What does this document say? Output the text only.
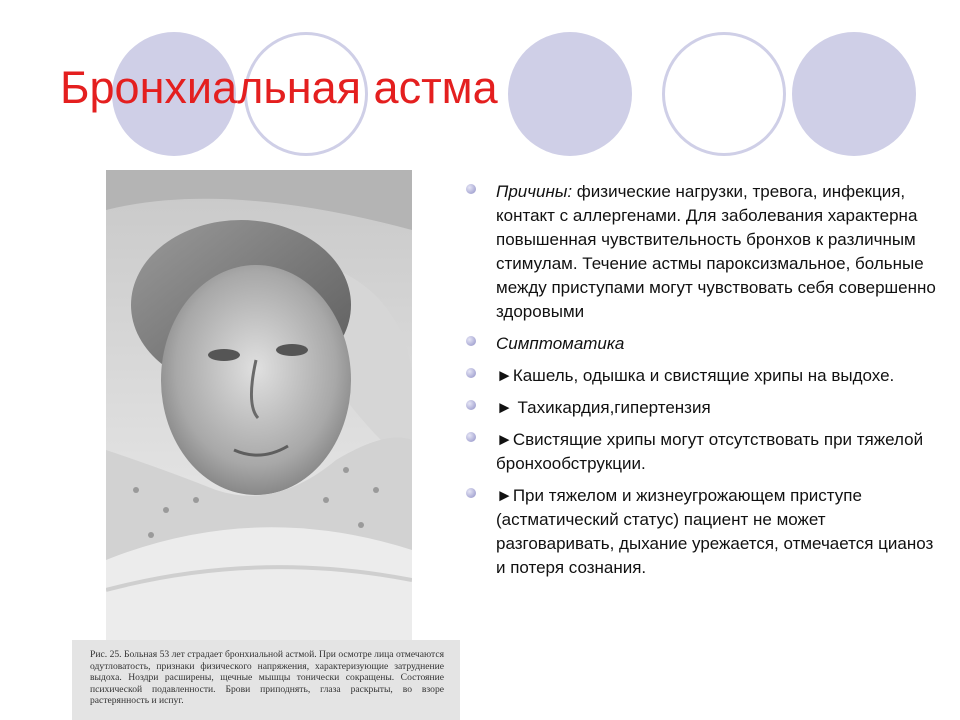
Бронхиальная астма
Рис. 25. Больная 53 лет страдает бронхиальной астмой. При осмотре лица отмечаются одутловатость, признаки физического напряжения, характеризующие затруднение выдоха. Ноздри расширены, щечные мышцы тонически сокращены. Состояние психической подавленности. Брови приподнять, глаза раскрыты, во взоре растерянность и испуг.
Причины: физические нагрузки, тревога, инфекция, контакт с аллергенами. Для заболевания характерна повышенная чувствительность бронхов к различным стимулам. Течение астмы пароксизмальное, больные между приступами могут чувствовать себя совершенно здоровыми
Симптоматика
►Кашель, одышка и свистящие хрипы на выдохе.
► Тахикардия,гипертензия
►Свистящие хрипы могут отсутствовать при тяжелой бронхообструкции.
►При тяжелом и жизнеугрожающем приступе (астматический статус) пациент не может разговаривать, дыхание урежается, отмечается цианоз и потеря сознания.
